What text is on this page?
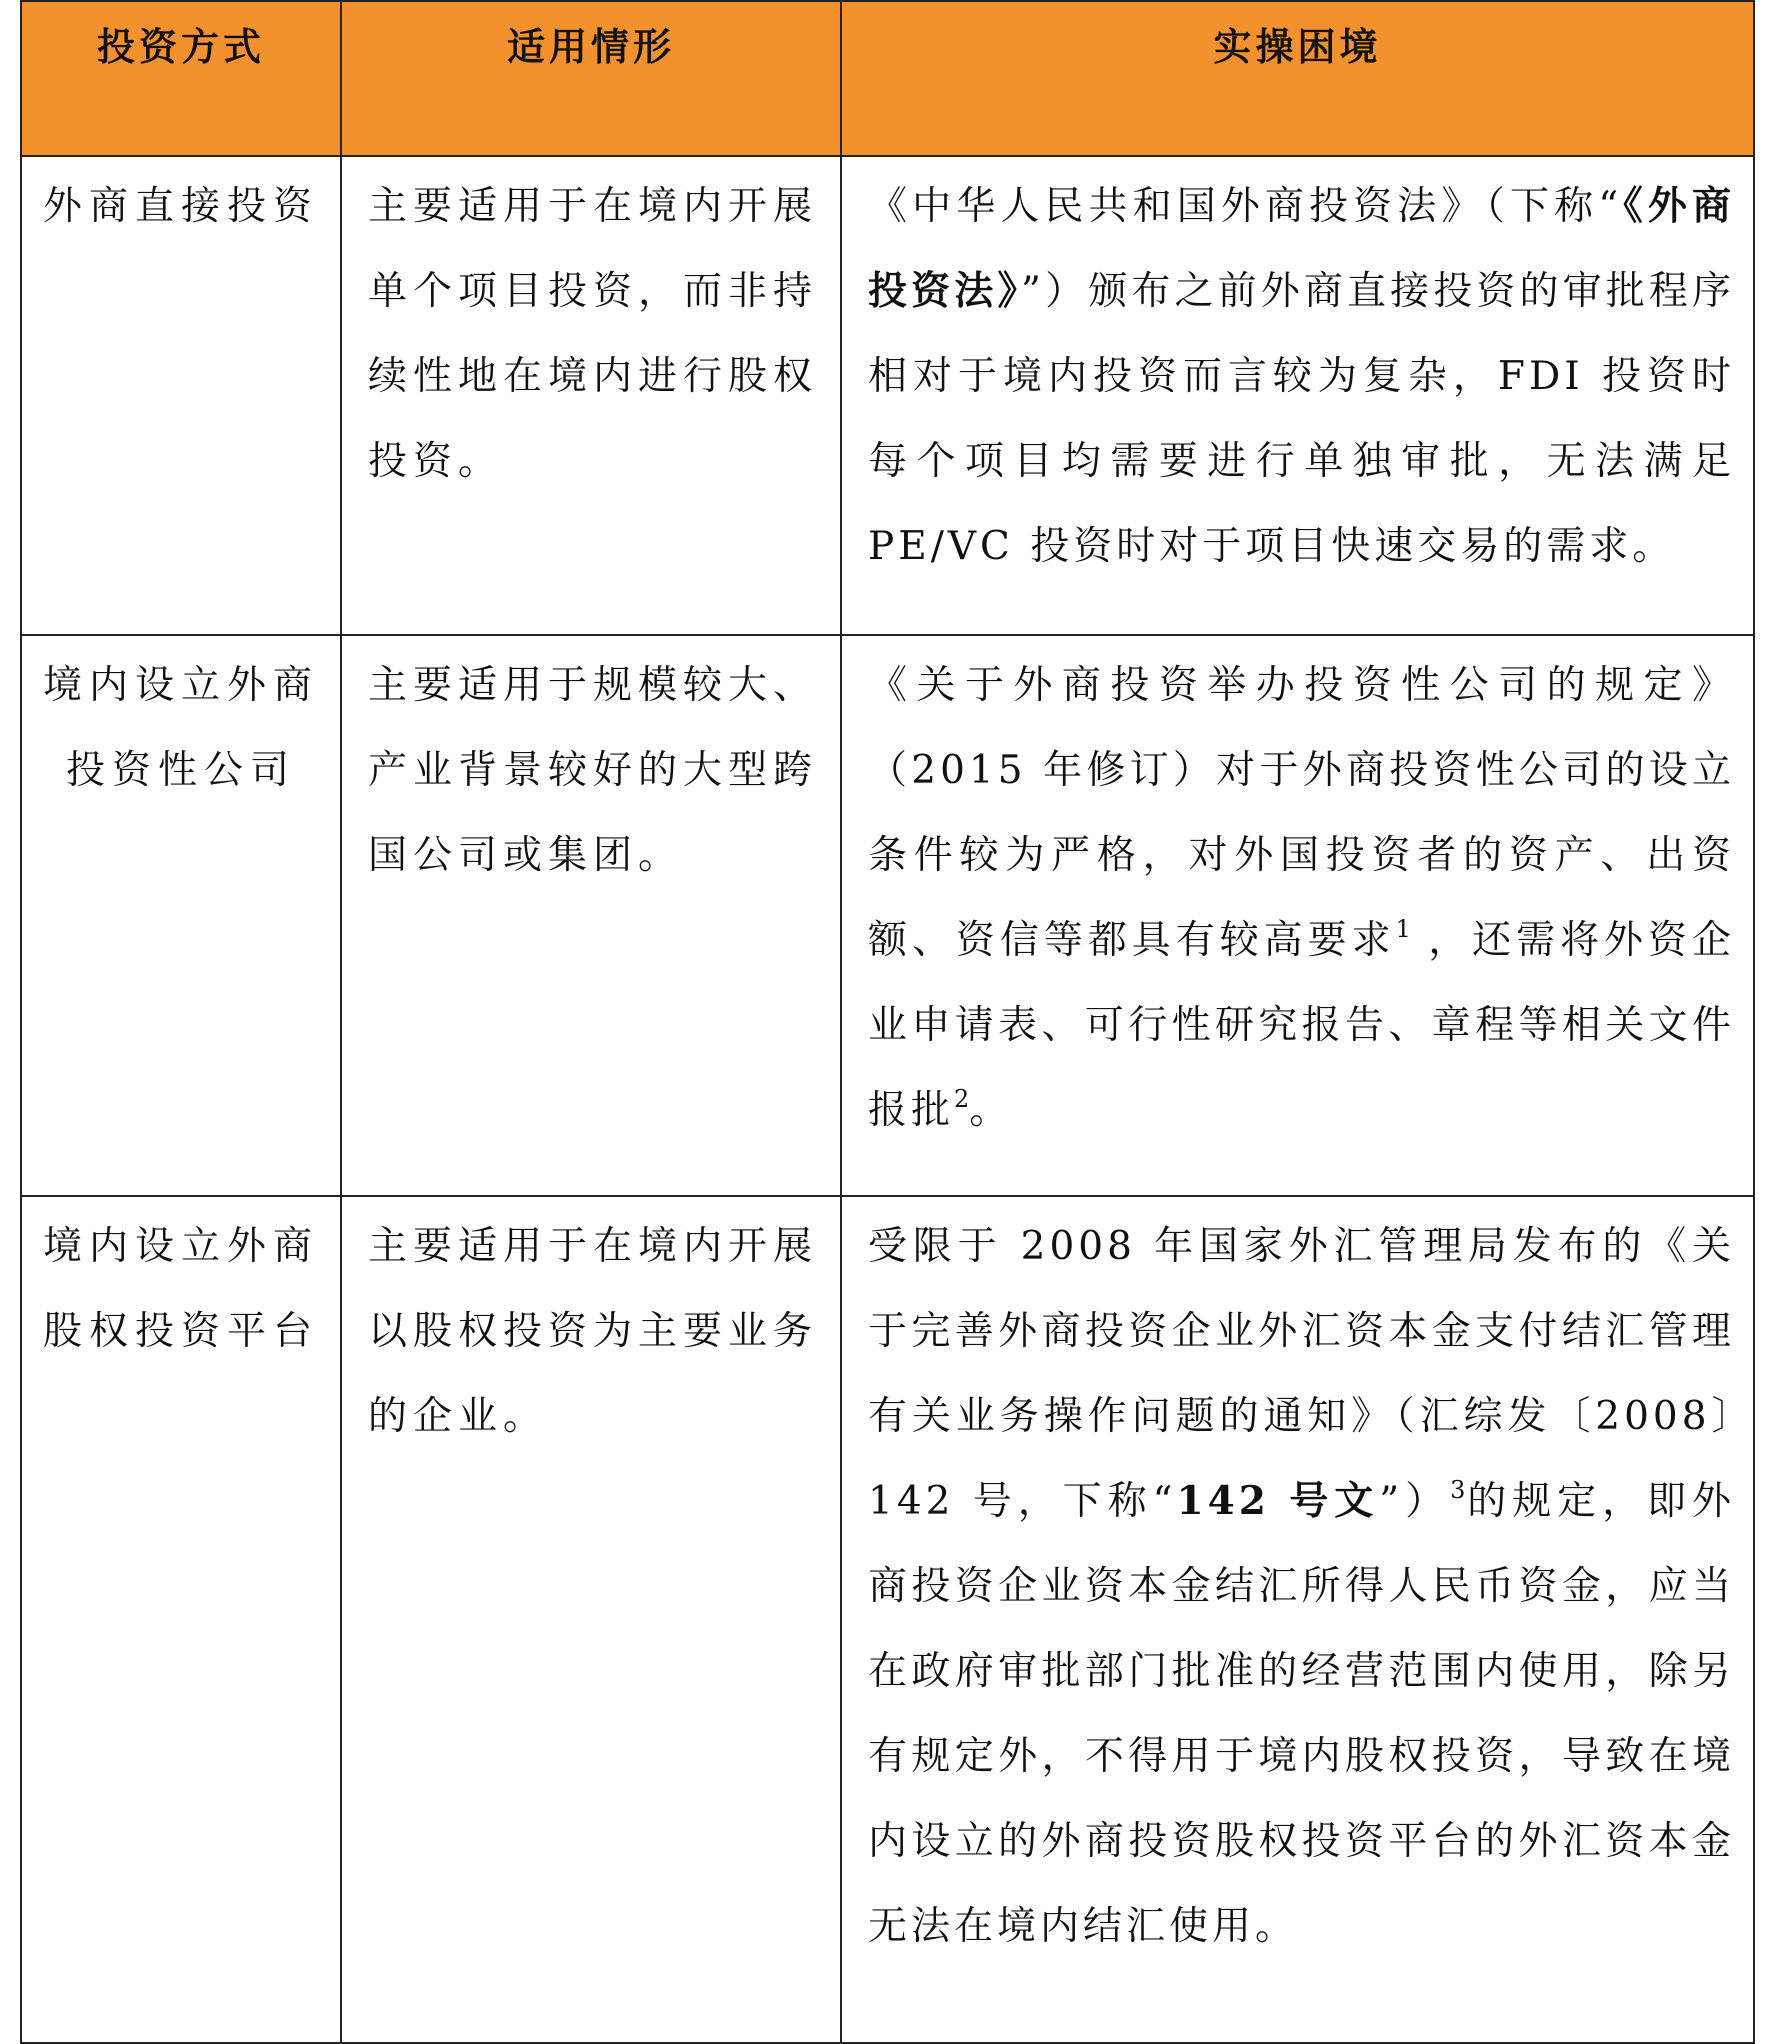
投资方式	适用情形	实操困境
外商直接投资	主要适用于在境内开展单个项目投资，而非持续性地在境内进行股权投资。	《中华人民共和国外商投资法》（下称“《外商投资法》”）颁布之前外商直接投资的审批程序相对于境内投资而言较为复杂，FDI 投资时每个项目均需要进行单独审批，无法满足 PE/VC 投资时对于项目快速交易的需求。
境内设立外商投资性公司	主要适用于规模较大、产业背景较好的大型跨国公司或集团。	《关于外商投资举办投资性公司的规定》（2015 年修订）对于外商投资性公司的设立条件较为严格，对外国投资者的资产、出资额、资信等都具有较高要求$^1$ ，还需将外资企业申请表、可行性研究报告、章程等相关文件报批$^2$。
境内设立外商股权投资平台	主要适用于在境内开展以股权投资为主要业务的企业。	受限于 2008 年国家外汇管理局发布的《关于完善外商投资企业外汇资本金支付结汇管理有关业务操作问题的通知》（汇综发〔2008〕142 号，下称“142 号文”）$^3$的规定，即外商投资企业资本金结汇所得人民币资金，应当在政府审批部门批准的经营范围内使用，除另有规定外，不得用于境内股权投资，导致在境内设立的外商投资股权投资平台的外汇资本金无法在境内结汇使用。
